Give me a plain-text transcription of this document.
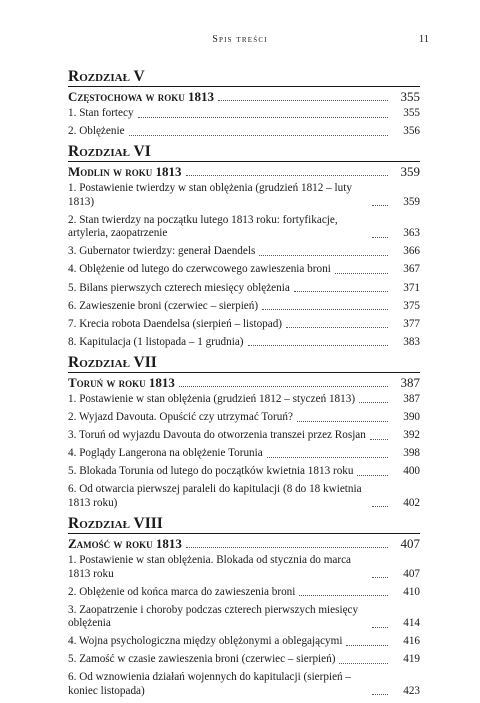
Spis treści	11
Rozdział V
Częstochowa w roku 1813	355
1. Stan fortecy	355
2. Oblężenie	356
Rozdział VI
Modlin w roku 1813	359
1. Postawienie twierdzy w stan oblężenia (grudzień 1812 – luty 1813)	359
2. Stan twierdzy na początku lutego 1813 roku: fortyfikacje, artyleria, zaopatrzenie	363
3. Gubernator twierdzy: generał Daendels	366
4. Oblężenie od lutego do czerwcowego zawieszenia broni	367
5. Bilans pierwszych czterech miesięcy oblężenia	371
6. Zawieszenie broni (czerwiec – sierpień)	375
7. Krecia robota Daendelsa (sierpień – listopad)	377
8. Kapitulacja (1 listopada – 1 grudnia)	383
Rozdział VII
Toruń w roku 1813	387
1. Postawienie w stan oblężenia (grudzień 1812 – styczeń 1813)	387
2. Wyjazd Davouta. Opuścić czy utrzymać Toruń?	390
3. Toruń od wyjazdu Davouta do otworzenia transzei przez Rosjan	392
4. Poglądy Langerona na oblężenie Torunia	398
5. Blokada Torunia od lutego do początków kwietnia 1813 roku	400
6. Od otwarcia pierwszej paraleli do kapitulacji (8 do 18 kwietnia 1813 roku)	402
Rozdział VIII
Zamość w roku 1813	407
1. Postawienie w stan oblężenia. Blokada od stycznia do marca 1813 roku	407
2. Oblężenie od końca marca do zawieszenia broni	410
3. Zaopatrzenie i choroby podczas czterech pierwszych miesięcy oblężenia	414
4. Wojna psychologiczna między oblężonymi a oblegającymi	416
5. Zamość w czasie zawieszenia broni (czerwiec – sierpień)	419
6. Od wznowienia działań wojennych do kapitulacji (sierpień – koniec listopada)	423
